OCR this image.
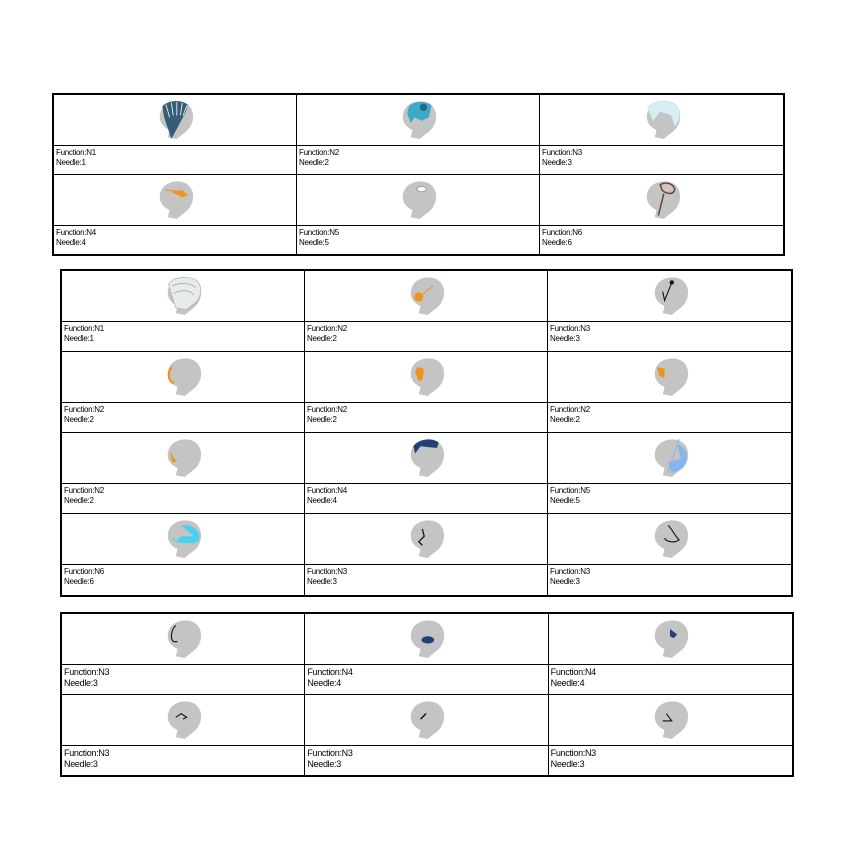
Function: N1
Needle: 1
Function: N2
Needle: 2
Function: N3
Needle: 3
Function: N4
Needle: 4
Function: N5
Needle: 5
Function: N6
Needle: 6
Function: N1
Needle: 1
Function: N2
Needle: 2
Function: N3
Needle: 3
Function: N2
Needle: 2
Function: N2
Needle: 2
Function: N2
Needle: 2
Function: N2
Needle: 2
Function: N4
Needle: 4
Function: N5
Needle: 5
Function: N6
Needle: 6
Function: N3
Needle: 3
Function: N3
Needle: 3
Function: N3
Needle: 3
Function: N4
Needle: 4
Function: N4
Needle: 4
Function: N3
Needle: 3
Function: N3
Needle: 3
Function: N3
Needle: 3
